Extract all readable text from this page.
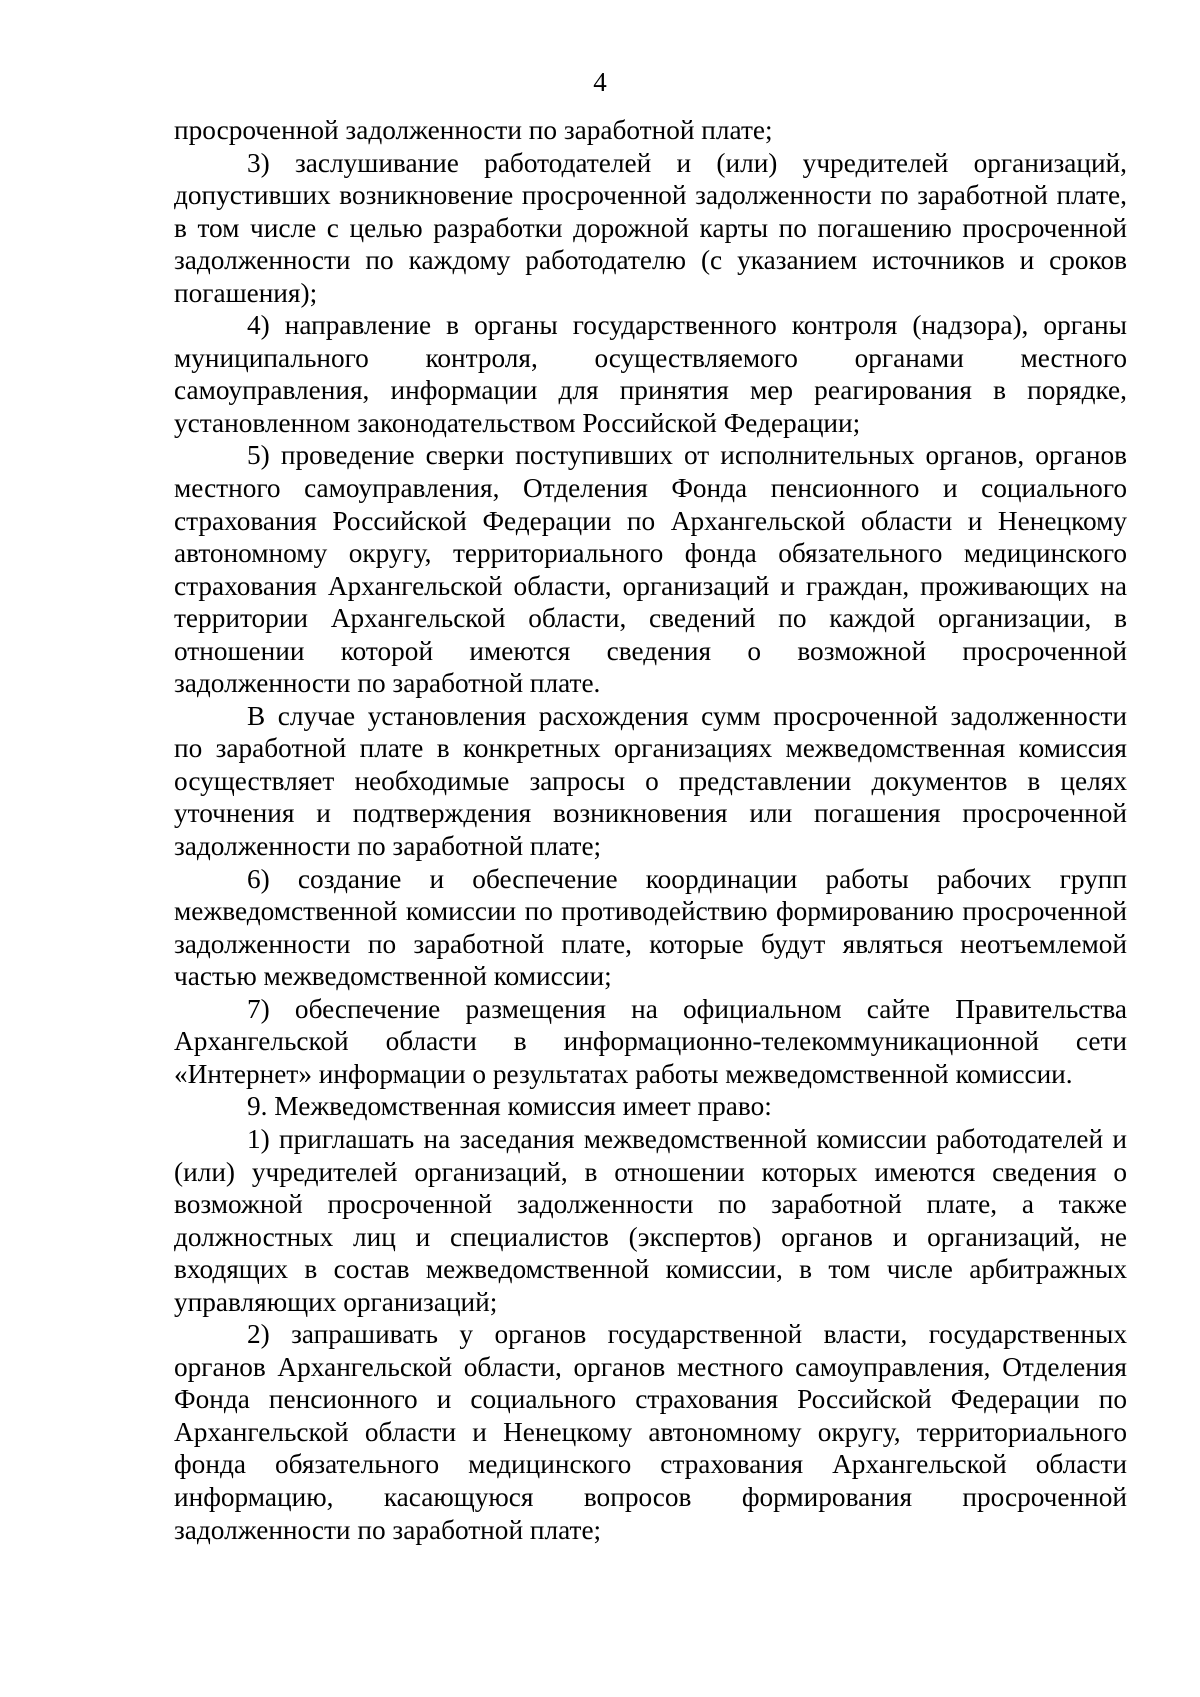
4

просроченной задолженности по заработной плате;

3) заслушивание работодателей и (или) учредителей организаций, допустивших возникновение просроченной задолженности по заработной плате, в том числе с целью разработки дорожной карты по погашению просроченной задолженности по каждому работодателю (с указанием источников и сроков погашения);

4) направление в органы государственного контроля (надзора), органы муниципального контроля, осуществляемого органами местного самоуправления, информации для принятия мер реагирования в порядке, установленном законодательством Российской Федерации;

5) проведение сверки поступивших от исполнительных органов, органов местного самоуправления, Отделения Фонда пенсионного и социального страхования Российской Федерации по Архангельской области и Ненецкому автономному округу, территориального фонда обязательного медицинского страхования Архангельской области, организаций и граждан, проживающих на территории Архангельской области, сведений по каждой организации, в отношении которой имеются сведения о возможной просроченной задолженности по заработной плате.

В случае установления расхождения сумм просроченной задолженности по заработной плате в конкретных организациях межведомственная комиссия осуществляет необходимые запросы о представлении документов в целях уточнения и подтверждения возникновения или погашения просроченной задолженности по заработной плате;

6) создание и обеспечение координации работы рабочих групп межведомственной комиссии по противодействию формированию просроченной задолженности по заработной плате, которые будут являться неотъемлемой частью межведомственной комиссии;

7) обеспечение размещения на официальном сайте Правительства Архангельской области в информационно-телекоммуникационной сети «Интернет» информации о результатах работы межведомственной комиссии.

9. Межведомственная комиссия имеет право:

1) приглашать на заседания межведомственной комиссии работодателей и (или) учредителей организаций, в отношении которых имеются сведения о возможной просроченной задолженности по заработной плате, а также должностных лиц и специалистов (экспертов) органов и организаций, не входящих в состав межведомственной комиссии, в том числе арбитражных управляющих организаций;

2) запрашивать у органов государственной власти, государственных органов Архангельской области, органов местного самоуправления, Отделения Фонда пенсионного и социального страхования Российской Федерации по Архангельской области и Ненецкому автономному округу, территориального фонда обязательного медицинского страхования Архангельской области информацию, касающуюся вопросов формирования просроченной задолженности по заработной плате;
